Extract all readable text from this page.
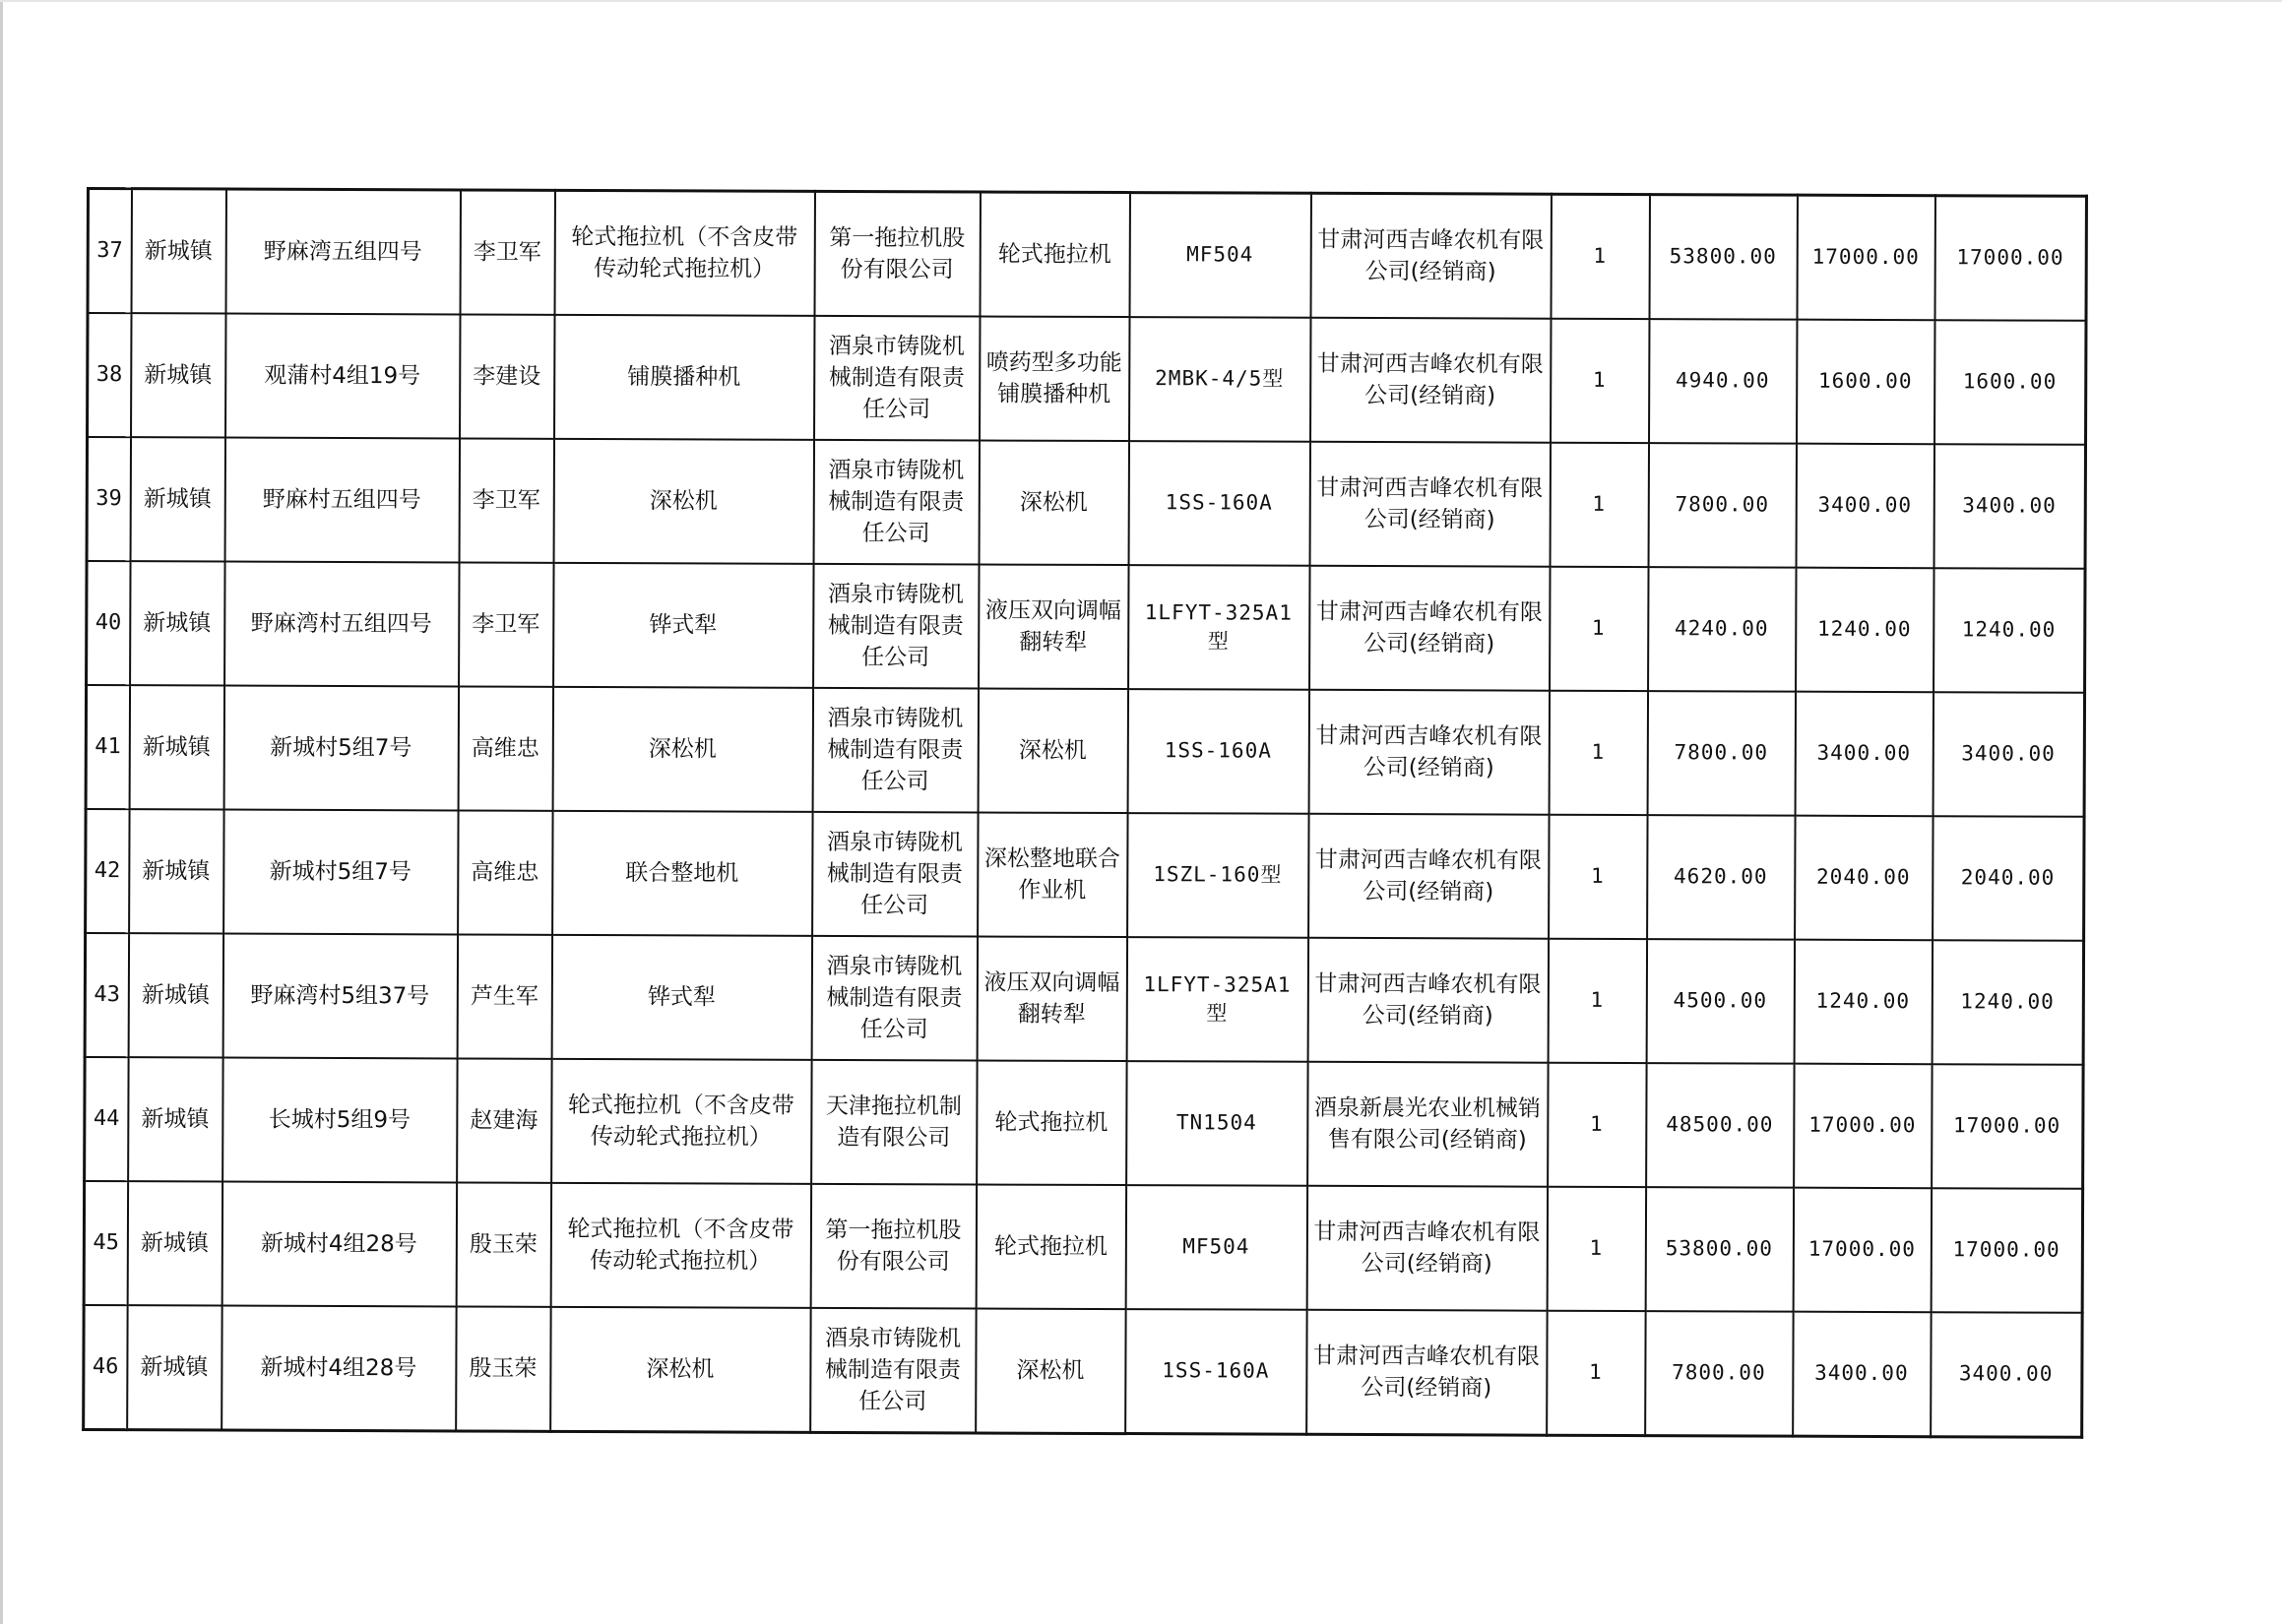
37	新城镇	野麻湾五组四号	李卫军	轮式拖拉机（不含皮带传动轮式拖拉机）	第一拖拉机股份有限公司	轮式拖拉机	MF504	甘肃河西吉峰农机有限公司(经销商)	1	53800.00	17000.00	17000.00
38	新城镇	观蒲村4组19号	李建设	铺膜播种机	酒泉市铸陇机械制造有限责任公司	喷药型多功能铺膜播种机	2MBK-4/5型	甘肃河西吉峰农机有限公司(经销商)	1	4940.00	1600.00	1600.00
39	新城镇	野麻村五组四号	李卫军	深松机	酒泉市铸陇机械制造有限责任公司	深松机	1SS-160A	甘肃河西吉峰农机有限公司(经销商)	1	7800.00	3400.00	3400.00
40	新城镇	野麻湾村五组四号	李卫军	铧式犁	酒泉市铸陇机械制造有限责任公司	液压双向调幅翻转犁	1LFYT-325A1型	甘肃河西吉峰农机有限公司(经销商)	1	4240.00	1240.00	1240.00
41	新城镇	新城村5组7号	高维忠	深松机	酒泉市铸陇机械制造有限责任公司	深松机	1SS-160A	甘肃河西吉峰农机有限公司(经销商)	1	7800.00	3400.00	3400.00
42	新城镇	新城村5组7号	高维忠	联合整地机	酒泉市铸陇机械制造有限责任公司	深松整地联合作业机	1SZL-160型	甘肃河西吉峰农机有限公司(经销商)	1	4620.00	2040.00	2040.00
43	新城镇	野麻湾村5组37号	芦生军	铧式犁	酒泉市铸陇机械制造有限责任公司	液压双向调幅翻转犁	1LFYT-325A1型	甘肃河西吉峰农机有限公司(经销商)	1	4500.00	1240.00	1240.00
44	新城镇	长城村5组9号	赵建海	轮式拖拉机（不含皮带传动轮式拖拉机）	天津拖拉机制造有限公司	轮式拖拉机	TN1504	酒泉新晨光农业机械销售有限公司(经销商)	1	48500.00	17000.00	17000.00
45	新城镇	新城村4组28号	殷玉荣	轮式拖拉机（不含皮带传动轮式拖拉机）	第一拖拉机股份有限公司	轮式拖拉机	MF504	甘肃河西吉峰农机有限公司(经销商)	1	53800.00	17000.00	17000.00
46	新城镇	新城村4组28号	殷玉荣	深松机	酒泉市铸陇机械制造有限责任公司	深松机	1SS-160A	甘肃河西吉峰农机有限公司(经销商)	1	7800.00	3400.00	3400.00
